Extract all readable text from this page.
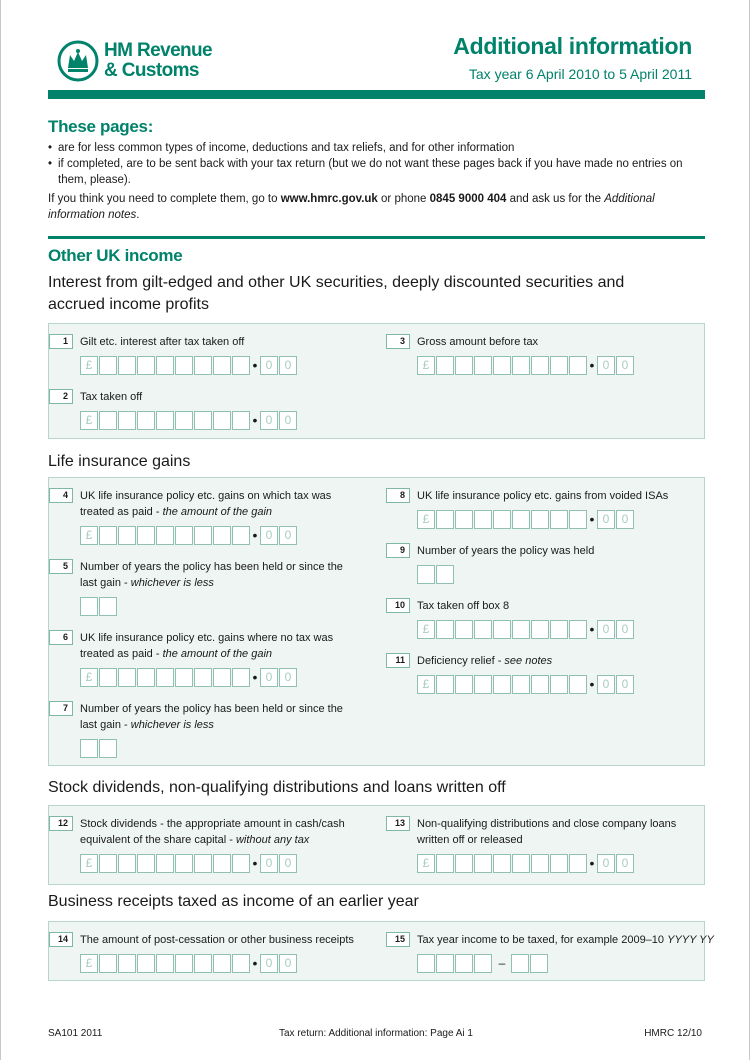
HM Revenue
& Customs
Additional information
Tax year 6 April 2010 to 5 April 2011
These pages:
• are for less common types of income, deductions and tax reliefs, and for other information
• if completed, are to be sent back with your tax return (but we do not want these pages back if you have made no entries on them, please).
If you think you need to complete them, go to www.hmrc.gov.uk or phone 0845 9000 404 and ask us for the Additional information notes.
Other UK income
Interest from gilt-edged and other UK securities, deeply discounted securities and accrued income profits
1	Gilt etc. interest after tax taken off
£	• 0	0
2	Tax taken off
£	• 0	0
3	Gross amount before tax
£	• 0	0
Life insurance gains
4	UK life insurance policy etc. gains on which tax was treated as paid - the amount of the gain
£	• 0	0
5	Number of years the policy has been held or since the last gain - whichever is less
6	UK life insurance policy etc. gains where no tax was treated as paid - the amount of the gain
£	• 0	0
7	Number of years the policy has been held or since the last gain - whichever is less
8	UK life insurance policy etc. gains from voided ISAs
£	• 0	0
9	Number of years the policy was held
10	Tax taken off box 8
£	• 0	0
11	Deficiency relief - see notes
£	• 0	0
Stock dividends, non-qualifying distributions and loans written off
12	Stock dividends - the appropriate amount in cash/cash equivalent of the share capital - without any tax
£	• 0	0
13	Non-qualifying distributions and close company loans written off or released
£	• 0	0
Business receipts taxed as income of an earlier year
14	The amount of post-cessation or other business receipts
£	• 0	0
15	Tax year income to be taxed, for example 2009–10 YYYY YY
–
SA101 2011	Tax return: Additional information: Page Ai 1	HMRC 12/10
